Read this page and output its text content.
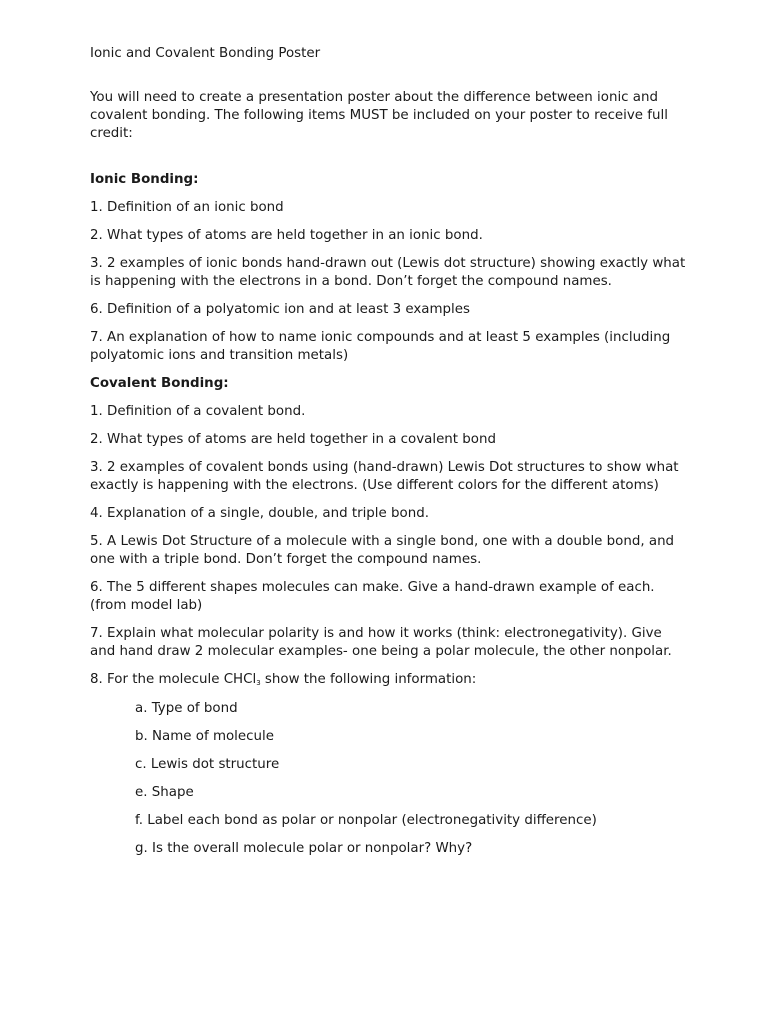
Ionic and Covalent Bonding Poster
You will need to create a presentation poster about the difference between ionic and covalent bonding. The following items MUST be included on your poster to receive full credit:
Ionic Bonding:
1. Definition of an ionic bond
2. What types of atoms are held together in an ionic bond.
3. 2 examples of ionic bonds hand-drawn out (Lewis dot structure) showing exactly what is happening with the electrons in a bond. Don’t forget the compound names.
6. Definition of a polyatomic ion and at least 3 examples
7. An explanation of how to name ionic compounds and at least 5 examples (including polyatomic ions and transition metals)
Covalent Bonding:
1. Definition of a covalent bond.
2. What types of atoms are held together in a covalent bond
3. 2 examples of covalent bonds using (hand-drawn) Lewis Dot structures to show what exactly is happening with the electrons. (Use different colors for the different atoms)
4. Explanation of a single, double, and triple bond.
5. A Lewis Dot Structure of a molecule with a single bond, one with a double bond, and one with a triple bond. Don’t forget the compound names.
6. The 5 different shapes molecules can make. Give a hand-drawn example of each. (from model lab)
7. Explain what molecular polarity is and how it works (think: electronegativity). Give and hand draw 2 molecular examples- one being a polar molecule, the other nonpolar.
8. For the molecule CHCl$_3$ show the following information:
a. Type of bond
b. Name of molecule
c. Lewis dot structure
e. Shape
f. Label each bond as polar or nonpolar (electronegativity difference)
g. Is the overall molecule polar or nonpolar? Why?
